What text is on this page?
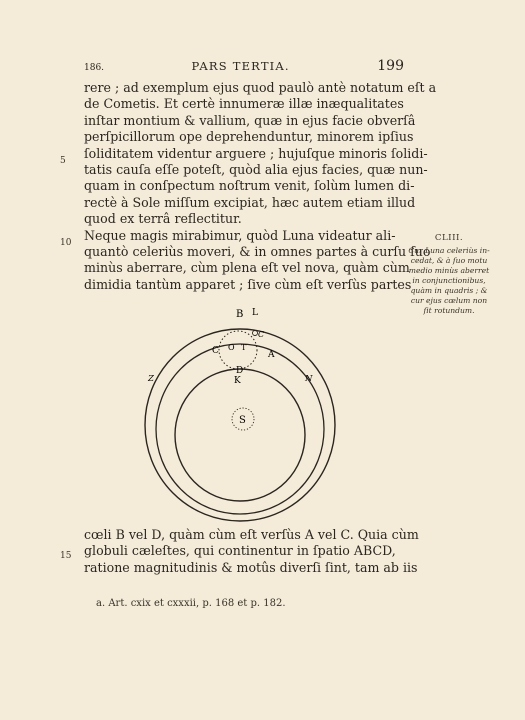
186.	PARS TERTIA.	199
rere ; ad exemplum ejus quod paulò antè notatum eſt a
de Cometis. Et certè innumeræ illæ inæqualitates
inſtar montium & vallium, quæ in ejus facie obverſâ
perſpicillorum ope deprehenduntur, minorem ipſius
ſoliditatem videntur arguere ; hujuſque minoris ſolidi-
tatis cauſa eſſe poteſt, quòd alia ejus facies, quæ nun-
quam in conſpectum noſtrum venit, ſolùm lumen di-
rectè à Sole miſſum excipiat, hæc autem etiam illud
quod ex terrâ reflectitur.
Neque magis mirabimur, quòd Luna videatur ali-
quantò celeriùs moveri, & in omnes partes à curſu ſuo
minùs aberrare, cùm plena eſt vel nova, quàm cùm
dimidia tantùm apparet ; ſive cùm eſt verſùs partes
5
10
15
CLIII.
Cur Luna celeriùs in-
cedat, & à ſuo motu
medio minùs aberret
in conjunctionibus,
quàm in quadris ; &
cur ejus cœlum non
ſit rotundum.
B L
C
C O T
A
Z	N
D
K
S
cœli B vel D, quàm cùm eſt verſùs A vel C. Quia cùm
globuli cæleſtes, qui continentur in ſpatio ABCD,
ratione magnitudinis & motûs diverſi ſint, tam ab iis
a. Art. cxix et cxxxii, p. 168 et p. 182.
